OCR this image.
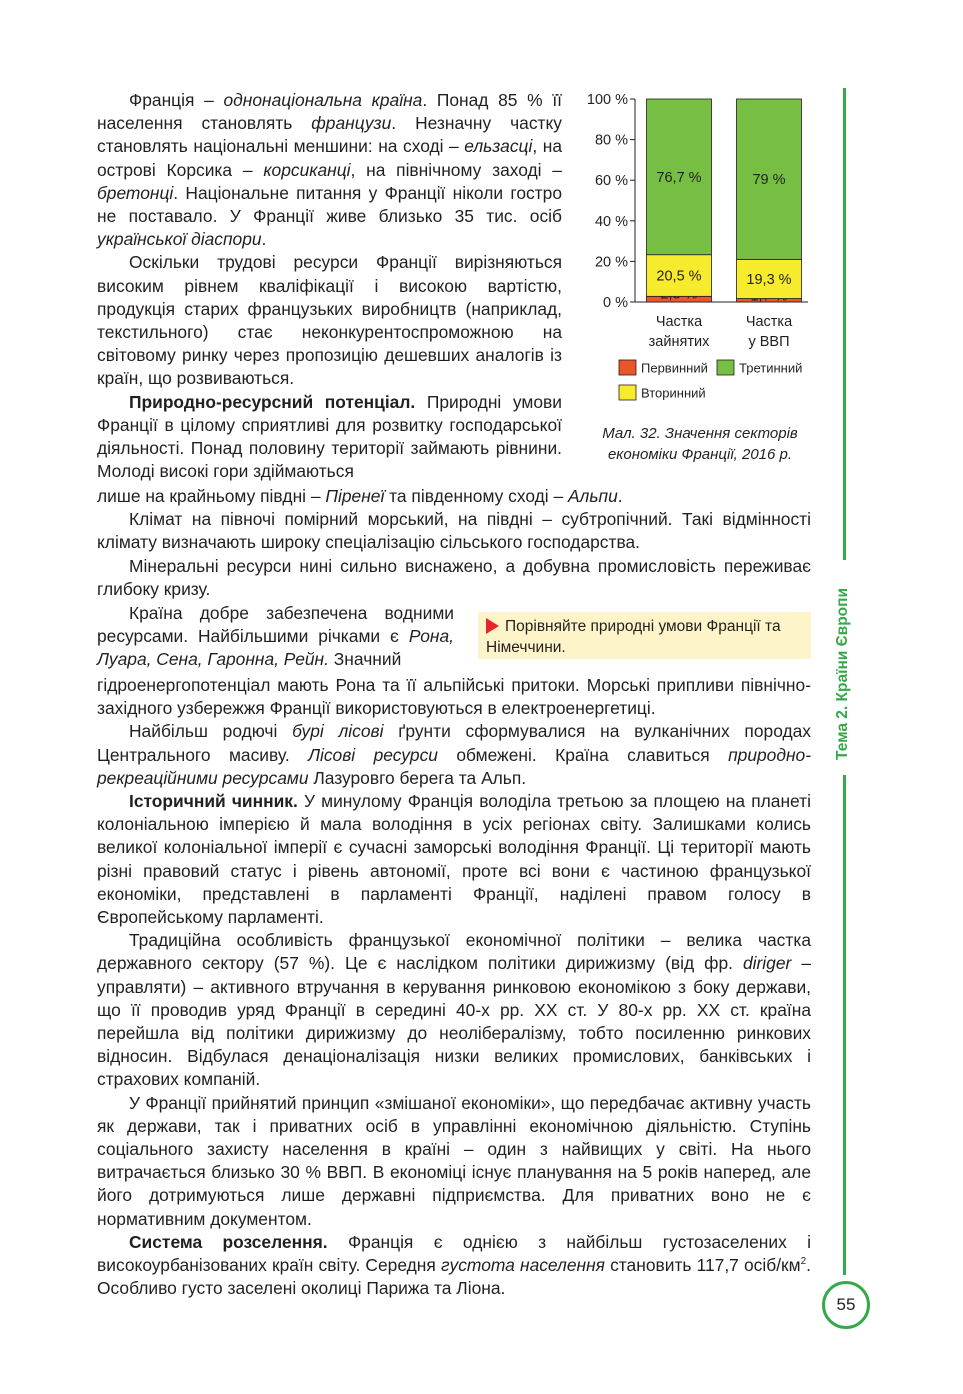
0 %
20 %
40 %
60 %
80 %
100 %
20,5 %
76,7 %
Частка
зайнятих
19,3 %
79 %
Частка
у ВВП
Первинний Третинний
Вторинний
Мал. 32. Значення секторів
економіки Франції, 2016 р.

Франція – однонаціональна країна. Понад 85 % її населення становлять французи. Незначну частку становлять національні меншини: на сході – ельзасці, на острові Корсика – корсиканці, на північному заході – бретонці. Національне питання у Франції ніколи гостро не поставало. У Франції живе близько 35 тис. осіб української діаспори.

Оскільки трудові ресурси Франції вирізняються високим рівнем кваліфікації і високою вартістю, продукція старих французьких виробництв (наприклад, текстильного) стає неконкурентоспроможною на світовому ринку через пропозицію дешевших аналогів із країн, що розвиваються.

Природно-ресурсний потенціал. Природні умови Франції в цілому сприятливі для розвитку господарської діяльності. Понад половину території займають рівнини. Молоді високі гори здіймаються

лише на крайньому півдні – Піренеї та південному сході – Альпи.

Клімат на півночі помірний морський, на півдні – субтропічний. Такі відмінності клімату визначають широку спеціалізацію сільського господарства.

Мінеральні ресурси нині сильно виснажено, а добувна промисловість переживає глибоку кризу.

Країна добре забезпечена водними ресурсами. Найбільшими річками є Рона, Луара, Сена, Гаронна, Рейн. Значний

Порівняйте природні умови Франції та Німеччини.

гідроенергопотенціал мають Рона та її альпійські притоки. Морські припливи північно-західного узбережжя Франції використовуються в електроенергетиці.

Найбільш родючі бурі лісові ґрунти сформувалися на вулканічних породах Центрального масиву. Лісові ресурси обмежені. Країна славиться природно-рекреаційними ресурсами Лазуровго берега та Альп.

Історичний чинник. У минулому Франція володіла третьою за площею на планеті колоніальною імперією й мала володіння в усіх регіонах світу. Залишками колись великої колоніальної імперії є сучасні заморські володіння Франції. Ці території мають різні правовий статус і рівень автономії, проте всі вони є частиною французької економіки, представлені в парламенті Франції, наділені правом голосу в Європейському парламенті.

Традиційна особливість французької економічної політики – велика частка державного сектору (57 %). Це є наслідком політики дирижизму (від фр. diriger – управляти) – активного втручання в керування ринковою економікою з боку держави, що її проводив уряд Франції в середині 40-х рр. XX ст. У 80-х рр. XX ст. країна перейшла від політики дирижизму до неолібералізму, тобто посиленню ринкових відносин. Відбулася денаціоналізація низки великих промислових, банківських і страхових компаній.

У Франції прийнятий принцип «змішаної економіки», що передбачає активну участь як держави, так і приватних осіб в управлінні економічною діяльністю. Ступінь соціального захисту населення в країні – один з найвищих у світі. На нього витрачається близько 30 % ВВП. В економіці існує планування на 5 років наперед, але його дотримуються лише державні підприємства. Для приватних воно не є нормативним документом.

Система розселення. Франція є однією з найбільш густозаселених і високоурбанізованих країн світу. Середня густота населення становить 117,7 осіб/$км^2$. Особливо густо заселені околиці Парижа та Ліона.

Тема 2. Країни Європи
55
